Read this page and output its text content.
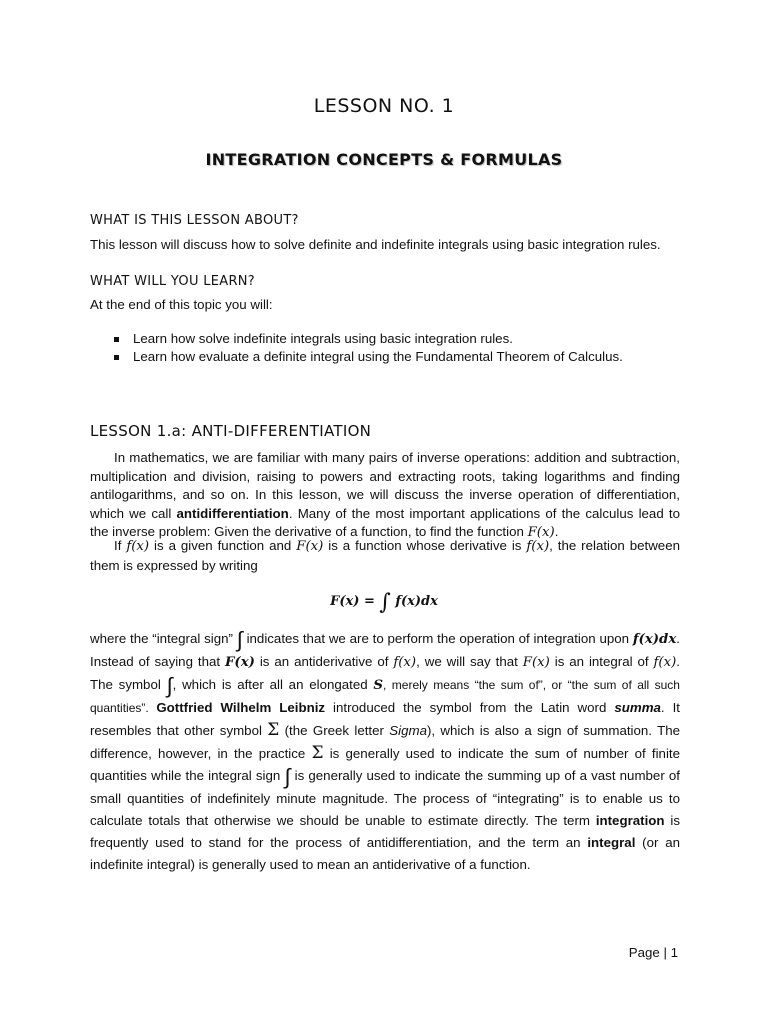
LESSON NO. 1
INTEGRATION CONCEPTS & FORMULAS
WHAT IS THIS LESSON ABOUT?
This lesson will discuss how to solve definite and indefinite integrals using basic integration rules.
WHAT WILL YOU LEARN?
At the end of this topic you will:
Learn how solve indefinite integrals using basic integration rules.
Learn how evaluate a definite integral using the Fundamental Theorem of Calculus.
LESSON 1.a: ANTI-DIFFERENTIATION
In mathematics, we are familiar with many pairs of inverse operations: addition and subtraction, multiplication and division, raising to powers and extracting roots, taking logarithms and finding antilogarithms, and so on. In this lesson, we will discuss the inverse operation of differentiation, which we call antidifferentiation. Many of the most important applications of the calculus lead to the inverse problem: Given the derivative of a function, to find the function F(x).
If f(x) is a given function and F(x) is a function whose derivative is f(x), the relation between them is expressed by writing
F(x) = ∫ f(x)dx
where the “integral sign” ∫ indicates that we are to perform the operation of integration upon f(x)dx. Instead of saying that F(x) is an antiderivative of f(x), we will say that F(x) is an integral of f(x). The symbol ∫, which is after all an elongated S, merely means “the sum of”, or “the sum of all such quantities”. Gottfried Wilhelm Leibniz introduced the symbol from the Latin word summa. It resembles that other symbol Σ (the Greek letter Sigma), which is also a sign of summation. The difference, however, in the practice Σ is generally used to indicate the sum of number of finite quantities while the integral sign ∫ is generally used to indicate the summing up of a vast number of small quantities of indefinitely minute magnitude. The process of “integrating” is to enable us to calculate totals that otherwise we should be unable to estimate directly. The term integration is frequently used to stand for the process of antidifferentiation, and the term an integral (or an indefinite integral) is generally used to mean an antiderivative of a function.
Page | 1
